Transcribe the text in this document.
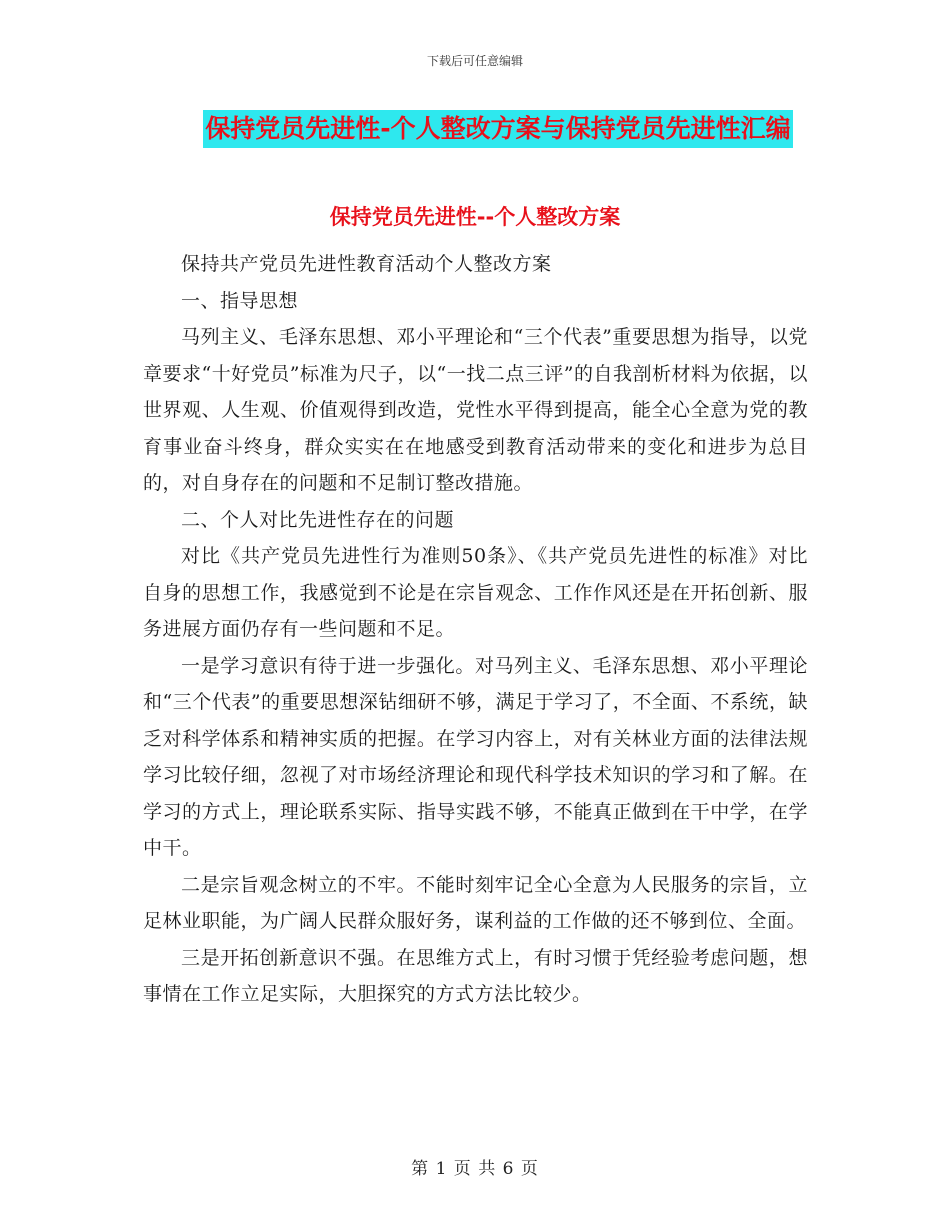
下载后可任意编辑
保持党员先进性-个人整改方案与保持党员先进性汇编
保持党员先进性--个人整改方案

保持共产党员先进性教育活动个人整改方案

一、指导思想

马列主义、毛泽东思想、邓小平理论和“三个代表”重要思想为指导，以党章要求“十好党员”标准为尺子，以“一找二点三评”的自我剖析材料为依据，以世界观、人生观、价值观得到改造，党性水平得到提高，能全心全意为党的教育事业奋斗终身，群众实实在在地感受到教育活动带来的变化和进步为总目的，对自身存在的问题和不足制订整改措施。

二、个人对比先进性存在的问题

对比《共产党员先进性行为准则50条》、《共产党员先进性的标准》对比自身的思想工作，我感觉到不论是在宗旨观念、工作作风还是在开拓创新、服务进展方面仍存有一些问题和不足。

一是学习意识有待于进一步强化。对马列主义、毛泽东思想、邓小平理论和“三个代表”的重要思想深钻细研不够，满足于学习了，不全面、不系统，缺乏对科学体系和精神实质的把握。在学习内容上，对有关林业方面的法律法规学习比较仔细，忽视了对市场经济理论和现代科学技术知识的学习和了解。在学习的方式上，理论联系实际、指导实践不够，不能真正做到在干中学，在学中干。

二是宗旨观念树立的不牢。不能时刻牢记全心全意为人民服务的宗旨，立足林业职能，为广阔人民群众服好务，谋利益的工作做的还不够到位、全面。

三是开拓创新意识不强。在思维方式上，有时习惯于凭经验考虑问题，想事情在工作立足实际，大胆探究的方式方法比较少。

第 1 页 共 6 页
